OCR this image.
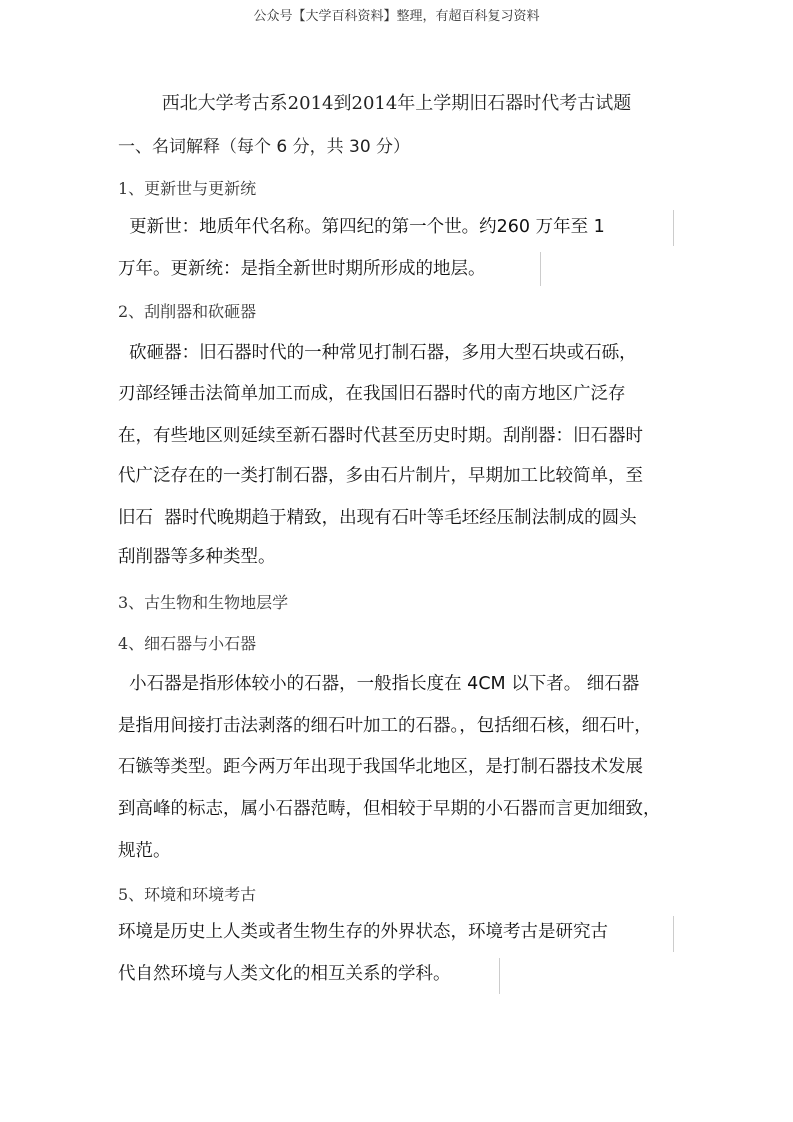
公众号【大学百科资料】整理，有超百科复习资料
西北大学考古系2014到2014年上学期旧石器时代考古试题
一、名词解释（每个 6 分，共 30 分）
1、更新世与更新统
更新世：地质年代名称。第四纪的第一个世。约260 万年至 1
万年。更新统：是指全新世时期所形成的地层。
2、刮削器和砍砸器
砍砸器：旧石器时代的一种常见打制石器，多用大型石块或石砾，
刃部经锤击法简单加工而成，在我国旧石器时代的南方地区广泛存
在，有些地区则延续至新石器时代甚至历史时期。刮削器：旧石器时
代广泛存在的一类打制石器，多由石片制片，早期加工比较简单，至
旧石  器时代晚期趋于精致，出现有石叶等毛坯经压制法制成的圆头
刮削器等多种类型。
3、古生物和生物地层学
4、细石器与小石器
小石器是指形体较小的石器，一般指长度在 4CM 以下者。 细石器
是指用间接打击法剥落的细石叶加工的石器。，包括细石核，细石叶，
石镞等类型。距今两万年出现于我国华北地区，是打制石器技术发展
到高峰的标志，属小石器范畴，但相较于早期的小石器而言更加细致，
规范。
5、环境和环境考古
环境是历史上人类或者生物生存的外界状态，环境考古是研究古
代自然环境与人类文化的相互关系的学科。
